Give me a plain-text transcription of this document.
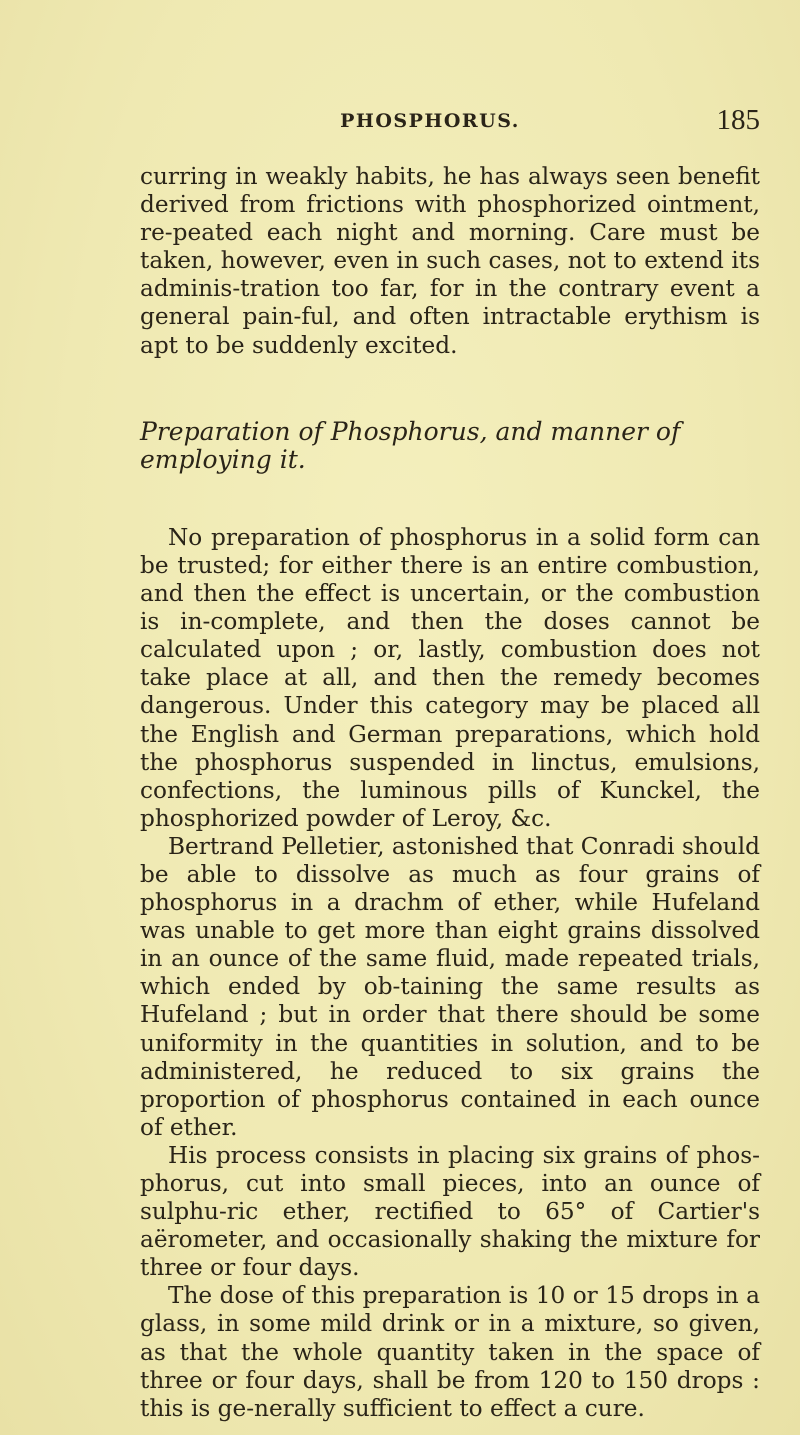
PHOSPHORUS.	185

curring in weakly habits, he has always seen benefit derived from frictions with phosphorized ointment, re-peated each night and morning. Care must be taken, however, even in such cases, not to extend its adminis-tration too far, for in the contrary event a general pain-ful, and often intractable erythism is apt to be suddenly excited.

Preparation of Phosphorus, and manner of employing it.

No preparation of phosphorus in a solid form can be trusted; for either there is an entire combustion, and then the effect is uncertain, or the combustion is in-complete, and then the doses cannot be calculated upon ; or, lastly, combustion does not take place at all, and then the remedy becomes dangerous. Under this category may be placed all the English and German preparations, which hold the phosphorus suspended in linctus, emulsions, confections, the luminous pills of Kunckel, the phosphorized powder of Leroy, &c.

Bertrand Pelletier, astonished that Conradi should be able to dissolve as much as four grains of phosphorus in a drachm of ether, while Hufeland was unable to get more than eight grains dissolved in an ounce of the same fluid, made repeated trials, which ended by ob-taining the same results as Hufeland ; but in order that there should be some uniformity in the quantities in solution, and to be administered, he reduced to six grains the proportion of phosphorus contained in each ounce of ether.

His process consists in placing six grains of phos-phorus, cut into small pieces, into an ounce of sulphu-ric ether, rectified to 65° of Cartier's aërometer, and occasionally shaking the mixture for three or four days.

The dose of this preparation is 10 or 15 drops in a glass, in some mild drink or in a mixture, so given, as that the whole quantity taken in the space of three or four days, shall be from 120 to 150 drops : this is ge-nerally sufficient to effect a cure.
